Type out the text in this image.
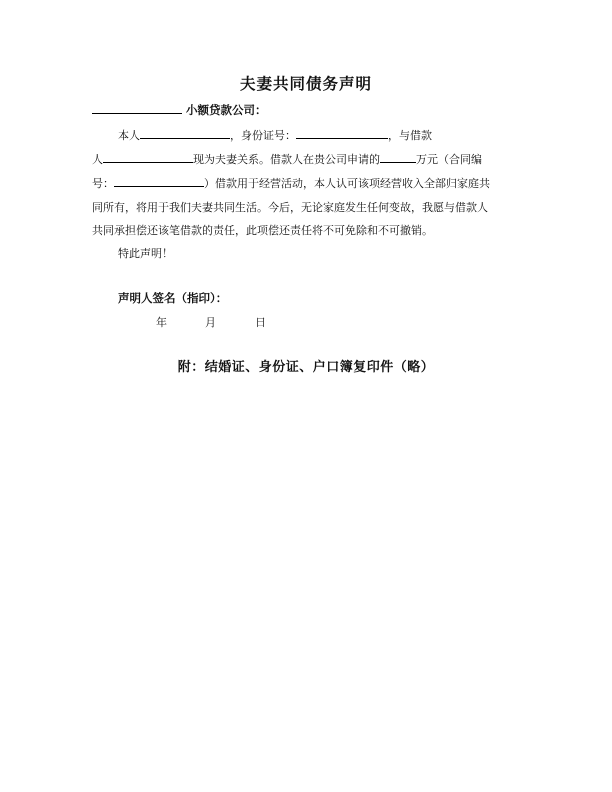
夫妻共同债务声明
小额贷款公司：
本人	，身份证号：	，与借款
人	现为夫妻关系。借款人在贵公司申请的	万元（合同编
号：	）借款用于经营活动，本人认可该项经营收入全部归家庭共
同所有，将用于我们夫妻共同生活。今后，无论家庭发生任何变故，我愿与借款人
共同承担偿还该笔借款的责任，此项偿还责任将不可免除和不可撤销。
特此声明！
声明人签名（指印）：
年	月	日
附：结婚证、身份证、户口簿复印件（略）
